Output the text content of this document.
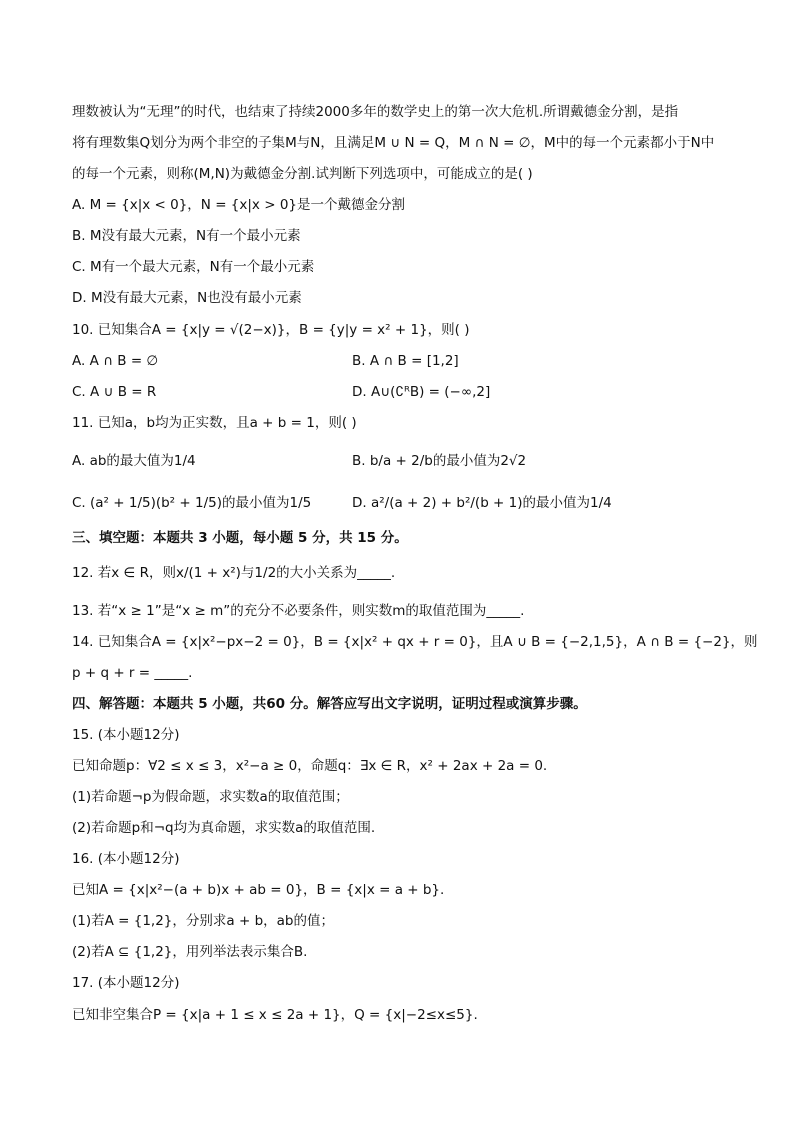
理数被认为“无理”的时代，也结束了持续2000多年的数学史上的第一次大危机.所谓戴德金分割，是指
将有理数集Q划分为两个非空的子集M与N，且满足M ∪ N = Q，M ∩ N = ∅，M中的每一个元素都小于N中
的每一个元素，则称(M,N)为戴德金分割.试判断下列选项中，可能成立的是( )
A. M = {x|x < 0}，N = {x|x > 0}是一个戴德金分割
B. M没有最大元素，N有一个最小元素
C. M有一个最大元素，N有一个最小元素
D. M没有最大元素，N也没有最小元素
10. 已知集合A = {x|y = √(2−x)}，B = {y|y = x² + 1}，则( )
A. A ∩ B = ∅	B. A ∩ B = [1,2]
C. A ∪ B = R	D. A∪(∁ᴿB) = (−∞,2]
11. 已知a，b均为正实数，且a + b = 1，则( )
A. ab的最大值为1/4	B. b/a + 2/b的最小值为2√2
C. (a² + 1/5)(b² + 1/5)的最小值为1/5	D. a²/(a + 2) + b²/(b + 1)的最小值为1/4
三、填空题：本题共 3 小题，每小题 5 分，共 15 分。
12. 若x ∈ R，则x/(1 + x²)与1/2的大小关系为_____.
13. 若“x ≥ 1”是“x ≥ m”的充分不必要条件，则实数m的取值范围为_____.
14. 已知集合A = {x|x²−px−2 = 0}，B = {x|x² + qx + r = 0}，且A ∪ B = {−2,1,5}，A ∩ B = {−2}，则
p + q + r = _____.
四、解答题：本题共 5 小题，共60 分。解答应写出文字说明，证明过程或演算步骤。
15. (本小题12分)
已知命题p：∀2 ≤ x ≤ 3，x²−a ≥ 0，命题q：∃x ∈ R，x² + 2ax + 2a = 0.
(1)若命题¬p为假命题，求实数a的取值范围；
(2)若命题p和¬q均为真命题，求实数a的取值范围.
16. (本小题12分)
已知A = {x|x²−(a + b)x + ab = 0}，B = {x|x = a + b}.
(1)若A = {1,2}，分别求a + b，ab的值；
(2)若A ⊆ {1,2}，用列举法表示集合B.
17. (本小题12分)
已知非空集合P = {x|a + 1 ≤ x ≤ 2a + 1}，Q = {x|−2≤x≤5}.
